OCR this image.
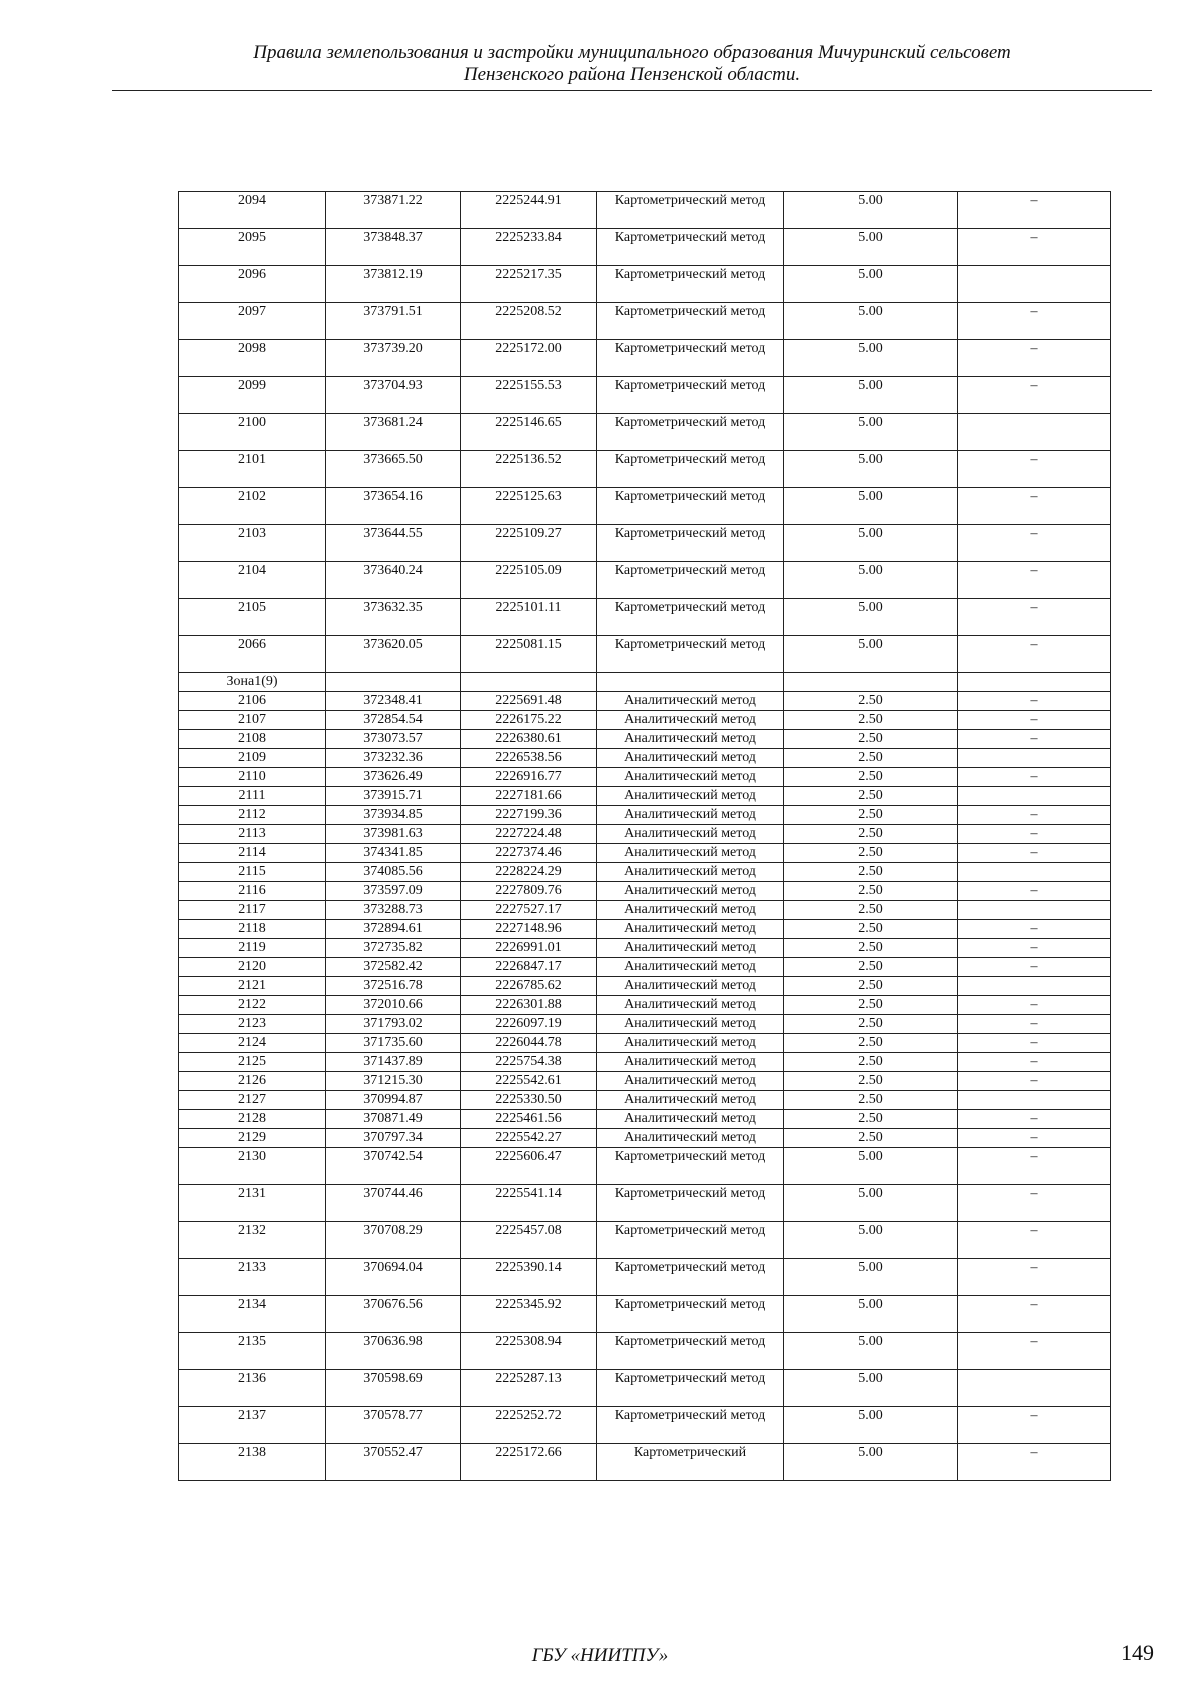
Правила землепользования и застройки муниципального образования Мичуринский сельсовет
Пензенского района Пензенской области.
2094	373871.22	2225244.91	Картометрический метод	5.00	–
2095	373848.37	2225233.84	Картометрический метод	5.00	–
2096	373812.19	2225217.35	Картометрический метод	5.00	
2097	373791.51	2225208.52	Картометрический метод	5.00	–
2098	373739.20	2225172.00	Картометрический метод	5.00	–
2099	373704.93	2225155.53	Картометрический метод	5.00	–
2100	373681.24	2225146.65	Картометрический метод	5.00	
2101	373665.50	2225136.52	Картометрический метод	5.00	–
2102	373654.16	2225125.63	Картометрический метод	5.00	–
2103	373644.55	2225109.27	Картометрический метод	5.00	–
2104	373640.24	2225105.09	Картометрический метод	5.00	–
2105	373632.35	2225101.11	Картометрический метод	5.00	–
2066	373620.05	2225081.15	Картометрический метод	5.00	–
Зона1(9)					
2106	372348.41	2225691.48	Аналитический метод	2.50	–
2107	372854.54	2226175.22	Аналитический метод	2.50	–
2108	373073.57	2226380.61	Аналитический метод	2.50	–
2109	373232.36	2226538.56	Аналитический метод	2.50	
2110	373626.49	2226916.77	Аналитический метод	2.50	–
2111	373915.71	2227181.66	Аналитический метод	2.50	
2112	373934.85	2227199.36	Аналитический метод	2.50	–
2113	373981.63	2227224.48	Аналитический метод	2.50	–
2114	374341.85	2227374.46	Аналитический метод	2.50	–
2115	374085.56	2228224.29	Аналитический метод	2.50	
2116	373597.09	2227809.76	Аналитический метод	2.50	–
2117	373288.73	2227527.17	Аналитический метод	2.50	
2118	372894.61	2227148.96	Аналитический метод	2.50	–
2119	372735.82	2226991.01	Аналитический метод	2.50	–
2120	372582.42	2226847.17	Аналитический метод	2.50	–
2121	372516.78	2226785.62	Аналитический метод	2.50	
2122	372010.66	2226301.88	Аналитический метод	2.50	–
2123	371793.02	2226097.19	Аналитический метод	2.50	–
2124	371735.60	2226044.78	Аналитический метод	2.50	–
2125	371437.89	2225754.38	Аналитический метод	2.50	–
2126	371215.30	2225542.61	Аналитический метод	2.50	–
2127	370994.87	2225330.50	Аналитический метод	2.50	
2128	370871.49	2225461.56	Аналитический метод	2.50	–
2129	370797.34	2225542.27	Аналитический метод	2.50	–
2130	370742.54	2225606.47	Картометрический метод	5.00	–
2131	370744.46	2225541.14	Картометрический метод	5.00	–
2132	370708.29	2225457.08	Картометрический метод	5.00	–
2133	370694.04	2225390.14	Картометрический метод	5.00	–
2134	370676.56	2225345.92	Картометрический метод	5.00	–
2135	370636.98	2225308.94	Картометрический метод	5.00	–
2136	370598.69	2225287.13	Картометрический метод	5.00	
2137	370578.77	2225252.72	Картометрический метод	5.00	–
2138	370552.47	2225172.66	Картометрический	5.00	–
ГБУ «НИИТПУ»	149
